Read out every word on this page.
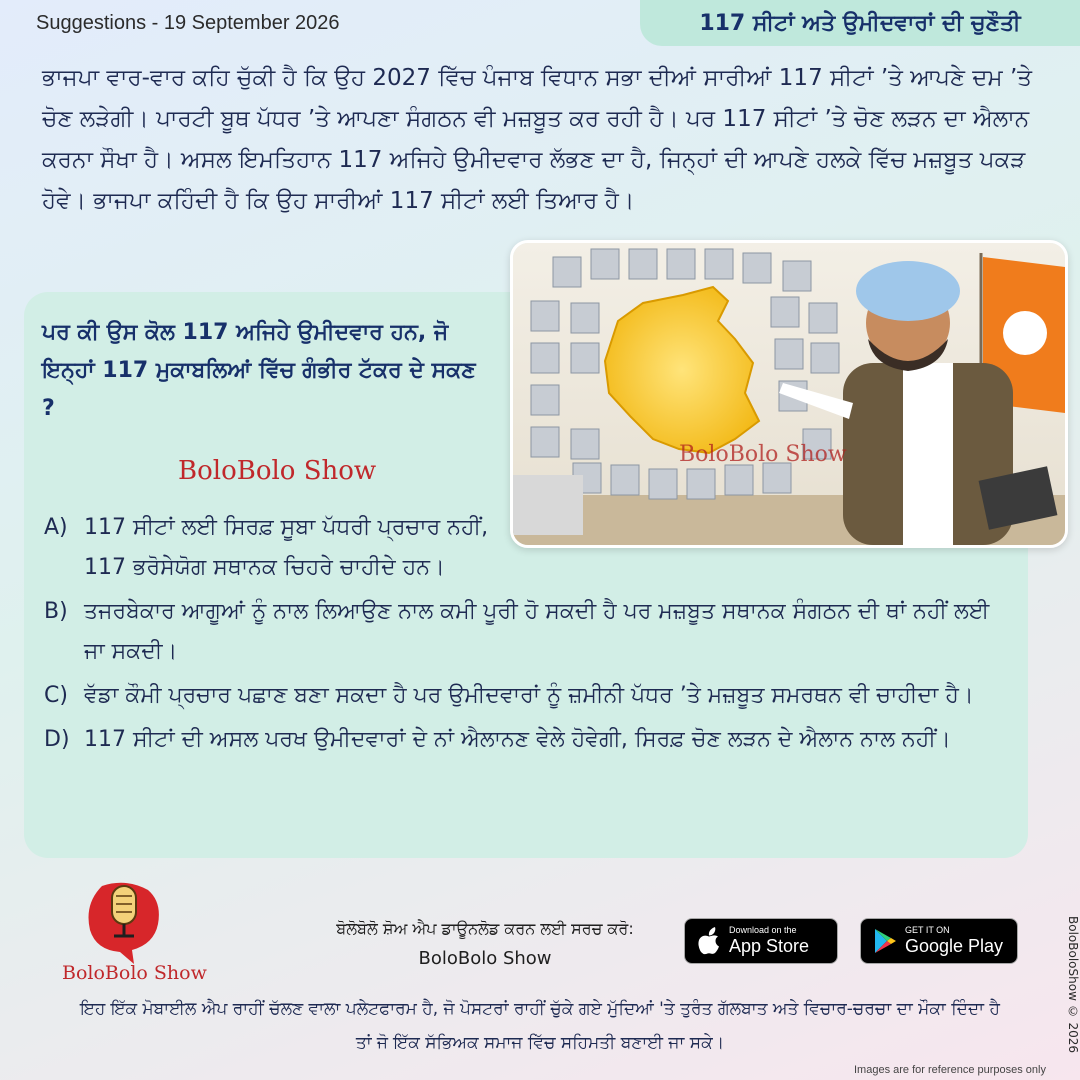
Suggestions - 19 September 2026	117 ਸੀਟਾਂ ਅਤੇ ਉਮੀਦਵਾਰਾਂ ਦੀ ਚੁਣੌਤੀ
ਭਾਜਪਾ ਵਾਰ-ਵਾਰ ਕਹਿ ਚੁੱਕੀ ਹੈ ਕਿ ਉਹ 2027 ਵਿੱਚ ਪੰਜਾਬ ਵਿਧਾਨ ਸਭਾ ਦੀਆਂ ਸਾਰੀਆਂ 117 ਸੀਟਾਂ ’ਤੇ ਆਪਣੇ ਦਮ ’ਤੇ ਚੋਣ ਲੜੇਗੀ। ਪਾਰਟੀ ਬੂਥ ਪੱਧਰ ’ਤੇ ਆਪਣਾ ਸੰਗਠਨ ਵੀ ਮਜ਼ਬੂਤ ਕਰ ਰਹੀ ਹੈ। ਪਰ 117 ਸੀਟਾਂ ’ਤੇ ਚੋਣ ਲੜਨ ਦਾ ਐਲਾਨ ਕਰਨਾ ਸੌਖਾ ਹੈ। ਅਸਲ ਇਮਤਿਹਾਨ 117 ਅਜਿਹੇ ਉਮੀਦਵਾਰ ਲੱਭਣ ਦਾ ਹੈ, ਜਿਨ੍ਹਾਂ ਦੀ ਆਪਣੇ ਹਲਕੇ ਵਿੱਚ ਮਜ਼ਬੂਤ ਪਕੜ ਹੋਵੇ। ਭਾਜਪਾ ਕਹਿੰਦੀ ਹੈ ਕਿ ਉਹ ਸਾਰੀਆਂ 117 ਸੀਟਾਂ ਲਈ ਤਿਆਰ ਹੈ।
ਪਰ ਕੀ ਉਸ ਕੋਲ 117 ਅਜਿਹੇ ਉਮੀਦਵਾਰ ਹਨ, ਜੋ ਇਨ੍ਹਾਂ 117 ਮੁਕਾਬਲਿਆਂ ਵਿੱਚ ਗੰਭੀਰ ਟੱਕਰ ਦੇ ਸਕਣ ?
BoloBolo Show
BoloBolo Show
A) 117 ਸੀਟਾਂ ਲਈ ਸਿਰਫ਼ ਸੂਬਾ ਪੱਧਰੀ ਪ੍ਰਚਾਰ ਨਹੀਂ, 117 ਭਰੋਸੇਯੋਗ ਸਥਾਨਕ ਚਿਹਰੇ ਚਾਹੀਦੇ ਹਨ।
B) ਤਜਰਬੇਕਾਰ ਆਗੂਆਂ ਨੂੰ ਨਾਲ ਲਿਆਉਣ ਨਾਲ ਕਮੀ ਪੂਰੀ ਹੋ ਸਕਦੀ ਹੈ ਪਰ ਮਜ਼ਬੂਤ ਸਥਾਨਕ ਸੰਗਠਨ ਦੀ ਥਾਂ ਨਹੀਂ ਲਈ ਜਾ ਸਕਦੀ।
C) ਵੱਡਾ ਕੌਮੀ ਪ੍ਰਚਾਰ ਪਛਾਣ ਬਣਾ ਸਕਦਾ ਹੈ ਪਰ ਉਮੀਦਵਾਰਾਂ ਨੂੰ ਜ਼ਮੀਨੀ ਪੱਧਰ ’ਤੇ ਮਜ਼ਬੂਤ ਸਮਰਥਨ ਵੀ ਚਾਹੀਦਾ ਹੈ।
D) 117 ਸੀਟਾਂ ਦੀ ਅਸਲ ਪਰਖ ਉਮੀਦਵਾਰਾਂ ਦੇ ਨਾਂ ਐਲਾਨਣ ਵੇਲੇ ਹੋਵੇਗੀ, ਸਿਰਫ਼ ਚੋਣ ਲੜਨ ਦੇ ਐਲਾਨ ਨਾਲ ਨਹੀਂ।
BoloBolo Show
ਬੋਲੋਬੋਲੋ ਸ਼ੋਅ ਐਪ ਡਾਊਨਲੋਡ ਕਰਨ ਲਈ ਸਰਚ ਕਰੋ:
BoloBolo Show
Download on the
App Store
GET IT ON
Google Play
ਇਹ ਇੱਕ ਮੋਬਾਈਲ ਐਪ ਰਾਹੀਂ ਚੱਲਣ ਵਾਲਾ ਪਲੇਟਫਾਰਮ ਹੈ, ਜੋ ਪੋਸਟਰਾਂ ਰਾਹੀਂ ਚੁੱਕੇ ਗਏ ਮੁੱਦਿਆਂ 'ਤੇ ਤੁਰੰਤ ਗੱਲਬਾਤ ਅਤੇ ਵਿਚਾਰ-ਚਰਚਾ ਦਾ ਮੌਕਾ ਦਿੰਦਾ ਹੈ ਤਾਂ ਜੋ ਇੱਕ ਸੱਭਿਅਕ ਸਮਾਜ ਵਿੱਚ ਸਹਿਮਤੀ ਬਣਾਈ ਜਾ ਸਕੇ।	BoloBoloShow © 2026
Images are for reference purposes only
